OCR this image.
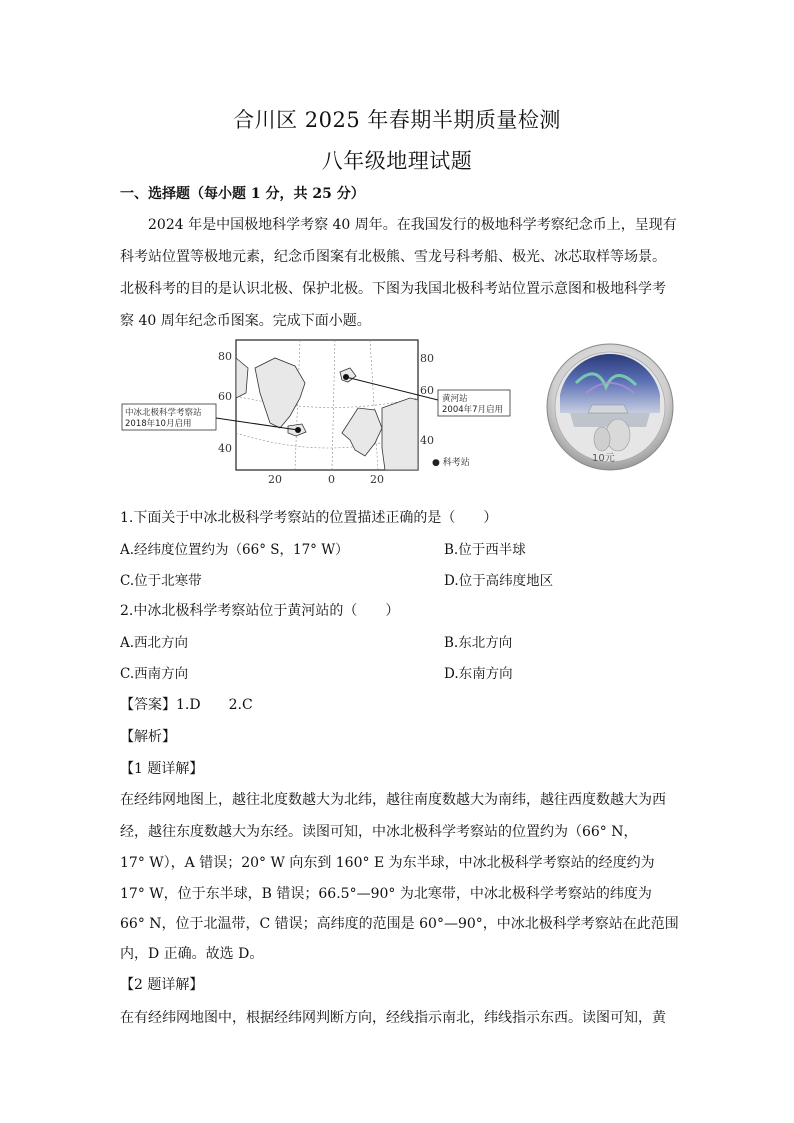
合川区 2025 年春期半期质量检测
八年级地理试题
一、选择题（每小题 1 分，共 25 分）
2024 年是中国极地科学考察 40 周年。在我国发行的极地科学考察纪念币上，呈现有
科考站位置等极地元素，纪念币图案有北极熊、雪龙号科考船、极光、冰芯取样等场景。
北极科考的目的是认识北极、保护北极。下图为我国北极科考站位置示意图和极地科学考
察 40 周年纪念币图案。完成下面小题。
80
60
40
80
60
40
20	0	20
中冰北极科学考察站
2018年10月启用
黄河站
2004年7月启用
● 科考站	10元
1.下面关于中冰北极科学考察站的位置描述正确的是（　　）
A.经纬度位置约为（66° S，17° W）	B.位于西半球
C.位于北寒带	D.位于高纬度地区
2.中冰北极科学考察站位于黄河站的（　　）
A.西北方向	B.东北方向
C.西南方向	D.东南方向
【答案】1.D　　2.C
【解析】
【1 题详解】
在经纬网地图上，越往北度数越大为北纬，越往南度数越大为南纬，越往西度数越大为西
经，越往东度数越大为东经。读图可知，中冰北极科学考察站的位置约为（66° N，
17° W），A 错误；20° W 向东到 160° E 为东半球，中冰北极科学考察站的经度约为
17° W，位于东半球，B 错误；66.5°—90° 为北寒带，中冰北极科学考察站的纬度为
66° N，位于北温带，C 错误；高纬度的范围是 60°—90°，中冰北极科学考察站在此范围
内，D 正确。故选 D。
【2 题详解】
在有经纬网地图中，根据经纬网判断方向，经线指示南北，纬线指示东西。读图可知，黄
